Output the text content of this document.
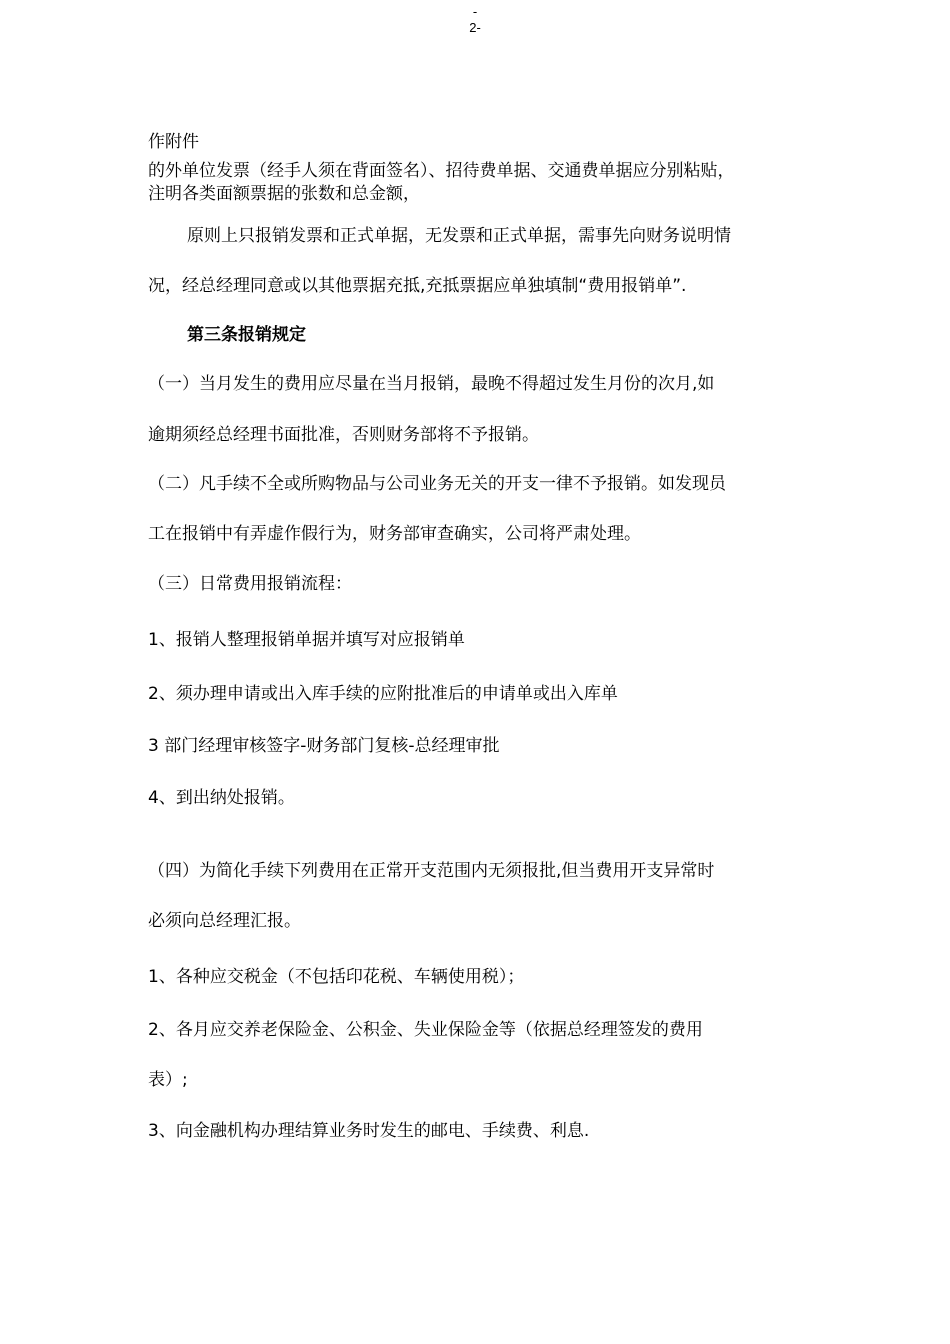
-
2-
作附件
的外单位发票（经手人须在背面签名）、招待费单据、交通费单据应分别粘贴，
注明各类面额票据的张数和总金额，
原则上只报销发票和正式单据，无发票和正式单据，需事先向财务说明情
况，经总经理同意或以其他票据充抵,充抵票据应单独填制“费用报销单”.
第三条报销规定
（一）当月发生的费用应尽量在当月报销，最晚不得超过发生月份的次月,如
逾期须经总经理书面批准，否则财务部将不予报销。
（二）凡手续不全或所购物品与公司业务无关的开支一律不予报销。如发现员
工在报销中有弄虚作假行为，财务部审查确实，公司将严肃处理。
（三）日常费用报销流程：
1、报销人整理报销单据并填写对应报销单
2、须办理申请或出入库手续的应附批准后的申请单或出入库单
3 部门经理审核签字-财务部门复核-总经理审批
4、到出纳处报销。
（四）为简化手续下列费用在正常开支范围内无须报批,但当费用开支异常时
必须向总经理汇报。
1、各种应交税金（不包括印花税、车辆使用税）；
2、各月应交养老保险金、公积金、失业保险金等（依据总经理签发的费用
表）;
3、向金融机构办理结算业务时发生的邮电、手续费、利息.
